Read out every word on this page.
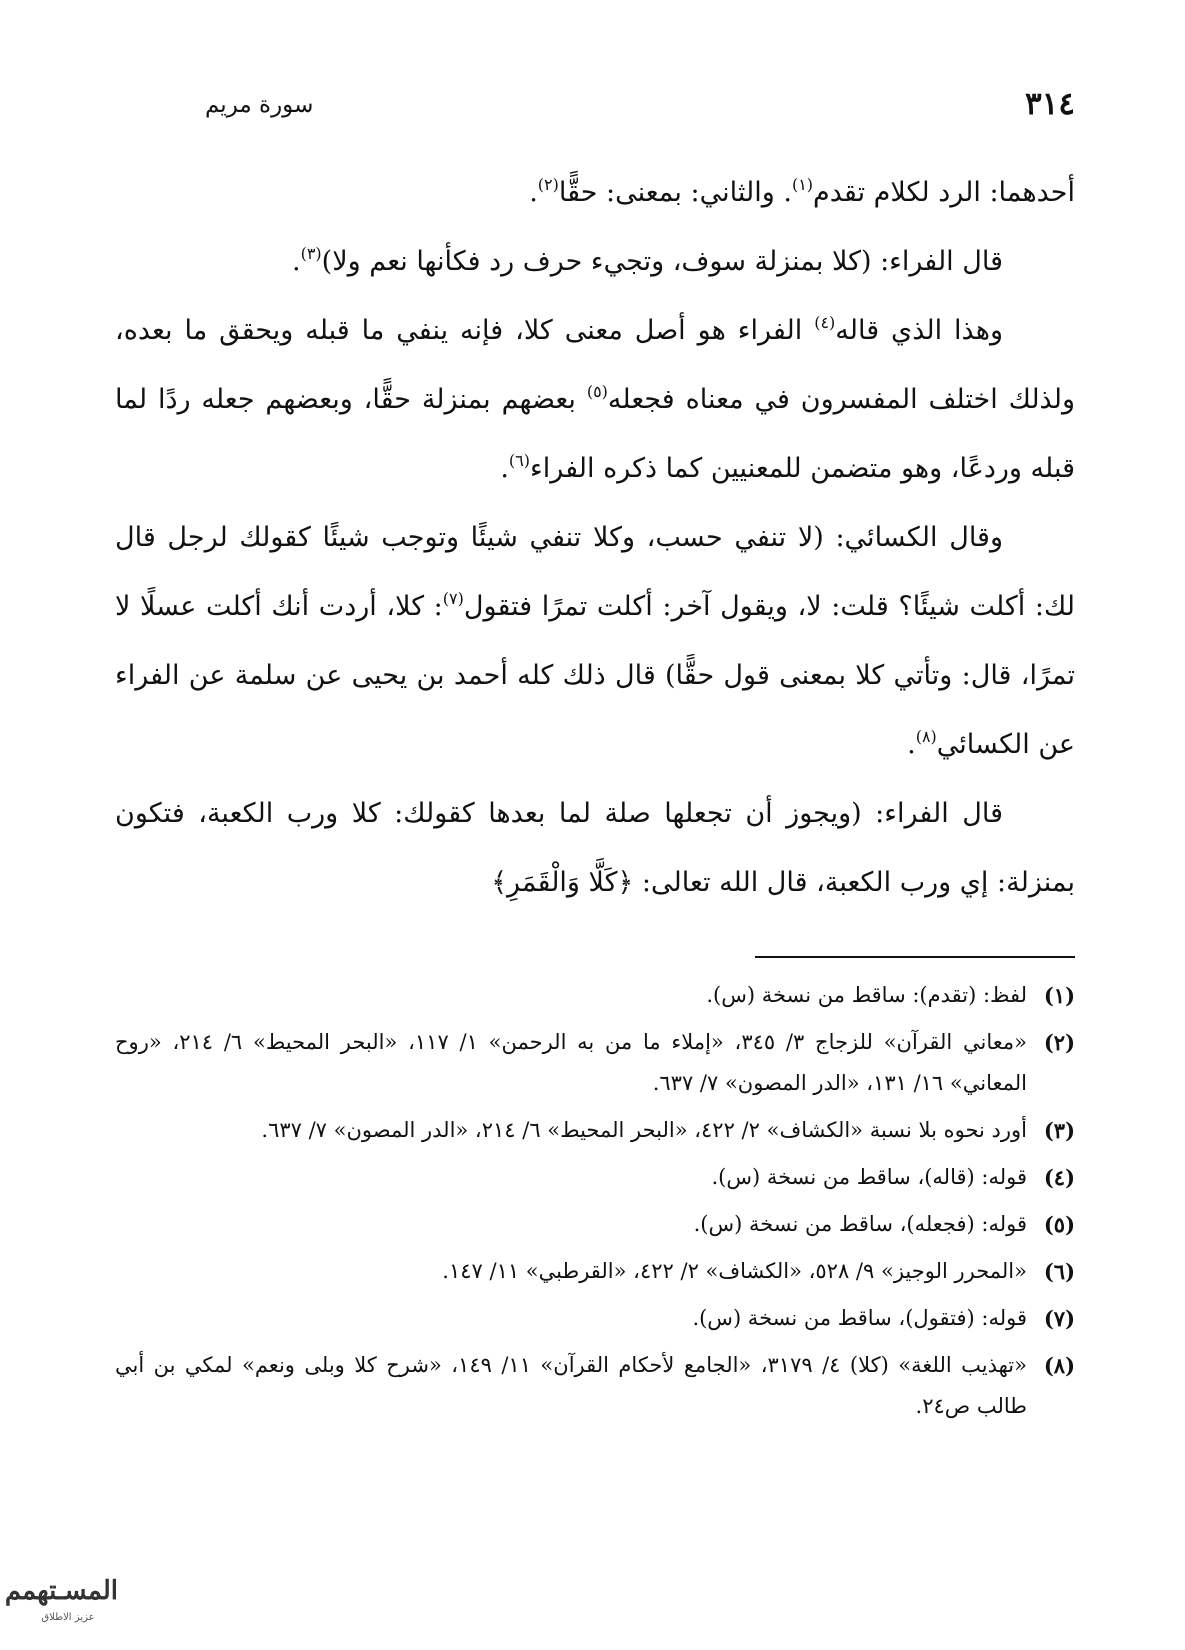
٣١٤
سورة مريم

أحدهما: الرد لكلام تقدم$^{(١)}$. والثاني: بمعنى: حقًّا$^{(٢)}$.

قال الفراء: (كلا بمنزلة سوف، وتجيء حرف رد فكأنها نعم ولا)$^{(٣)}$.

وهذا الذي قاله$^{(٤)}$ الفراء هو أصل معنى كلا، فإنه ينفي ما قبله ويحقق ما بعده، ولذلك اختلف المفسرون في معناه فجعله$^{(٥)}$ بعضهم بمنزلة حقًّا، وبعضهم جعله ردًا لما قبله وردعًا، وهو متضمن للمعنيين كما ذكره الفراء$^{(٦)}$.

وقال الكسائي: (لا تنفي حسب، وكلا تنفي شيئًا وتوجب شيئًا كقولك لرجل قال لك: أكلت شيئًا؟ قلت: لا، ويقول آخر: أكلت تمرًا فتقول$^{(٧)}$: كلا، أردت أنك أكلت عسلًا لا تمرًا، قال: وتأتي كلا بمعنى قول حقًّا) قال ذلك كله أحمد بن يحيى عن سلمة عن الفراء عن الكسائي$^{(٨)}$.

قال الفراء: (ويجوز أن تجعلها صلة لما بعدها كقولك: كلا ورب الكعبة، فتكون بمنزلة: إي ورب الكعبة، قال الله تعالى: ﴿كَلَّا وَالْقَمَرِ﴾

(١)
لفظ: (تقدم): ساقط من نسخة (س).
(٢)
«معاني القرآن» للزجاج ٣/ ٣٤٥، «إملاء ما من به الرحمن» ١/ ١١٧، «البحر المحيط» ٦/ ٢١٤، «روح المعاني» ١٦/ ١٣١، «الدر المصون» ٧/ ٦٣٧.
(٣)
أورد نحوه بلا نسبة «الكشاف» ٢/ ٤٢٢، «البحر المحيط» ٦/ ٢١٤، «الدر المصون» ٧/ ٦٣٧.
(٤)
قوله: (قاله)، ساقط من نسخة (س).
(٥)
قوله: (فجعله)، ساقط من نسخة (س).
(٦)
«المحرر الوجيز» ٩/ ٥٢٨، «الكشاف» ٢/ ٤٢٢، «القرطبي» ١١/ ١٤٧.
(٧)
قوله: (فتقول)، ساقط من نسخة (س).
(٨)
«تهذيب اللغة» (كلا) ٤/ ٣١٧٩، «الجامع لأحكام القرآن» ١١/ ١٤٩، «شرح كلا وبلى ونعم» لمكي بن أبي طالب ص٢٤.
المسـتهمم
عزيز الاطلاق
